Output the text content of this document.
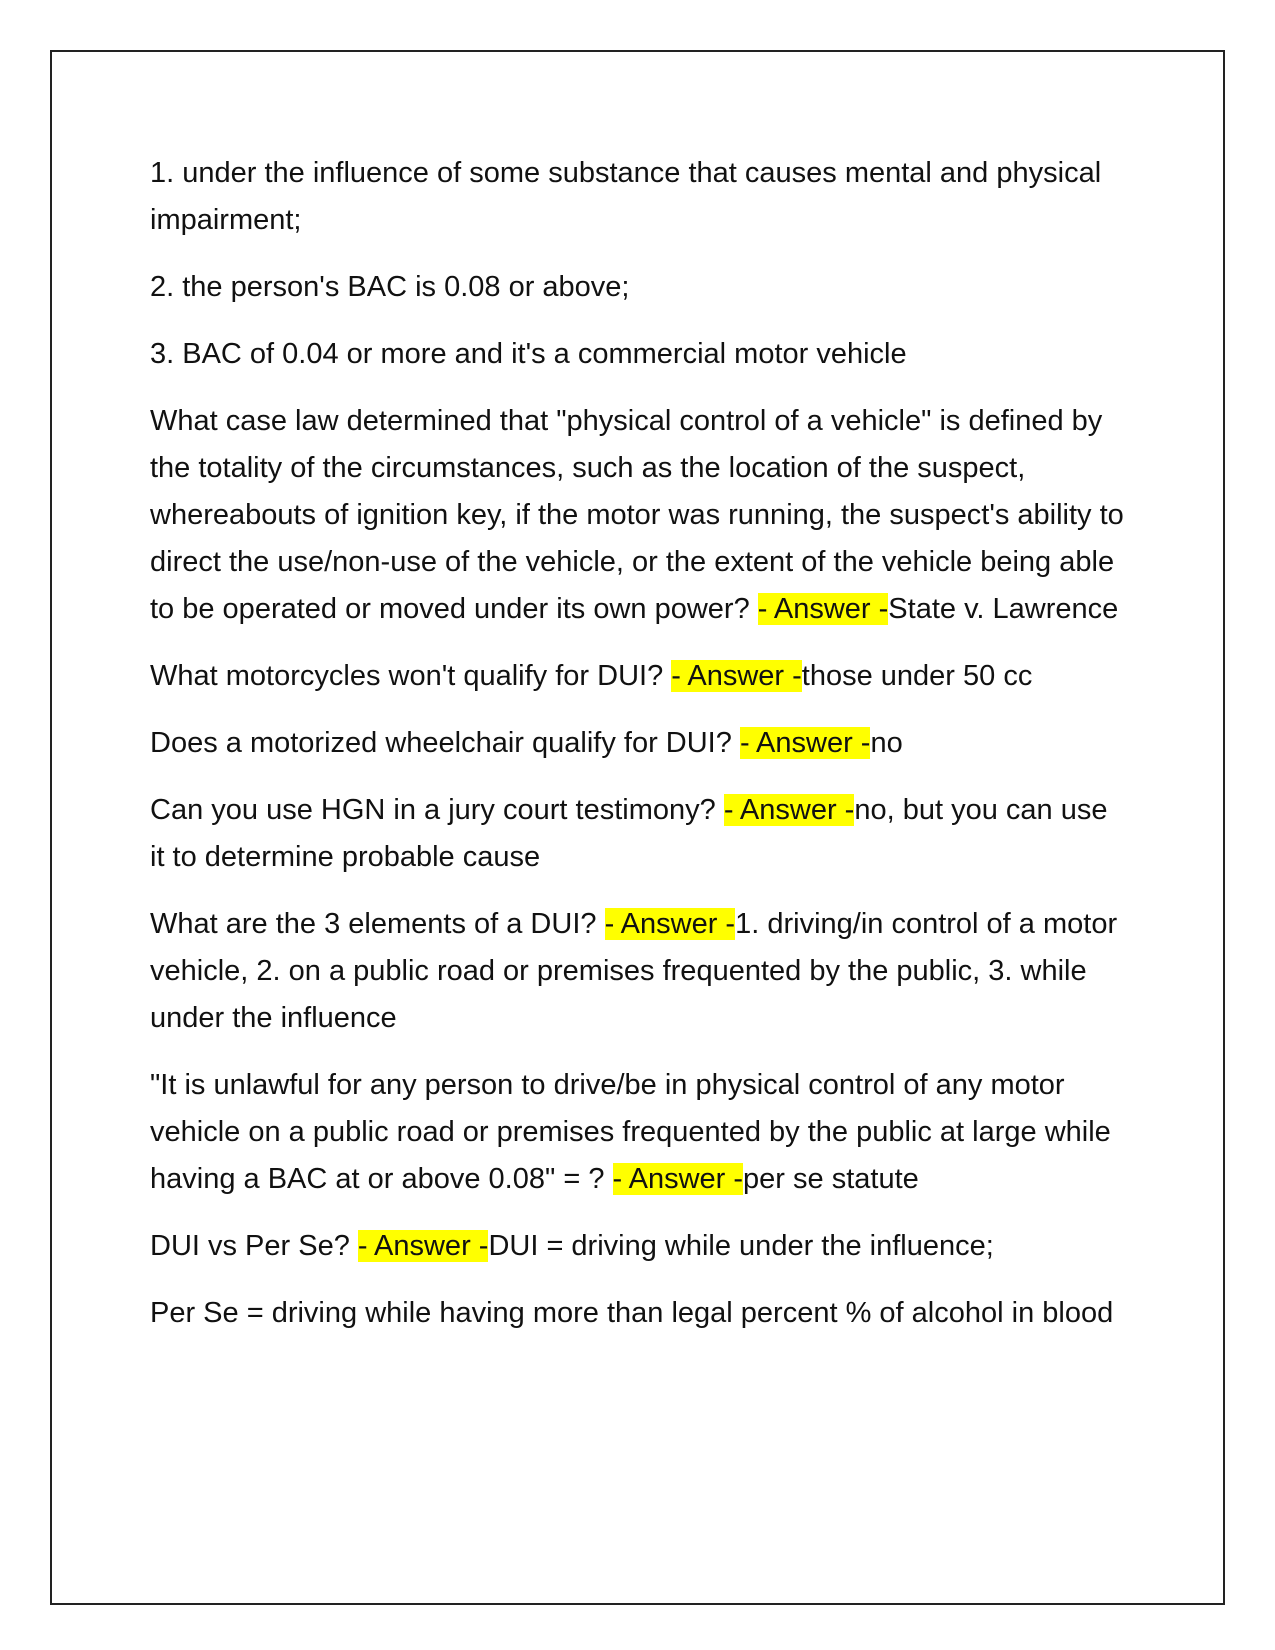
1. under the influence of some substance that causes mental and physical impairment;

2. the person's BAC is 0.08 or above;

3. BAC of 0.04 or more and it's a commercial motor vehicle

What case law determined that "physical control of a vehicle" is defined by the totality of the circumstances, such as the location of the suspect, whereabouts of ignition key, if the motor was running, the suspect's ability to direct the use/non-use of the vehicle, or the extent of the vehicle being able to be operated or moved under its own power? - Answer -State v. Lawrence

What motorcycles won't qualify for DUI? - Answer -those under 50 cc

Does a motorized wheelchair qualify for DUI? - Answer -no

Can you use HGN in a jury court testimony? - Answer -no, but you can use it to determine probable cause

What are the 3 elements of a DUI? - Answer -1. driving/in control of a motor vehicle, 2. on a public road or premises frequented by the public, 3. while under the influence

"It is unlawful for any person to drive/be in physical control of any motor vehicle on a public road or premises frequented by the public at large while having a BAC at or above 0.08" = ? - Answer -per se statute

DUI vs Per Se? - Answer -DUI = driving while under the influence;

Per Se = driving while having more than legal percent % of alcohol in blood
